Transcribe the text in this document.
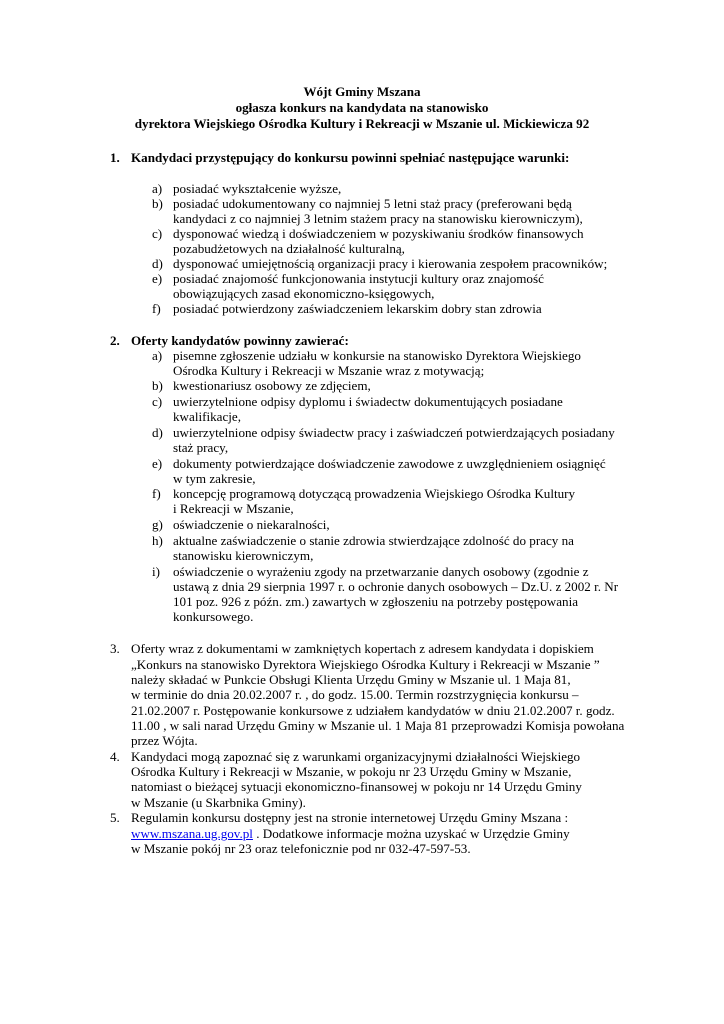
Wójt Gminy Mszana
ogłasza konkurs na kandydata na stanowisko
dyrektora Wiejskiego Ośrodka Kultury i Rekreacji w Mszanie ul. Mickiewicza 92
1. Kandydaci przystępujący do konkursu powinni spełniać następujące warunki:
a) posiadać wykształcenie wyższe,
b) posiadać udokumentowany co najmniej 5 letni staż pracy (preferowani będą
kandydaci z co najmniej 3 letnim stażem pracy na stanowisku kierowniczym),
c) dysponować wiedzą i doświadczeniem w pozyskiwaniu środków finansowych
pozabudżetowych na działalność kulturalną,
d) dysponować umiejętnością organizacji pracy i kierowania zespołem pracowników;
e) posiadać znajomość funkcjonowania instytucji kultury oraz znajomość
obowiązujących zasad ekonomiczno-księgowych,
f) posiadać potwierdzony zaświadczeniem lekarskim dobry stan zdrowia
2. Oferty kandydatów powinny zawierać:
a) pisemne zgłoszenie udziału w konkursie na stanowisko Dyrektora Wiejskiego
Ośrodka Kultury i Rekreacji w Mszanie wraz z motywacją;
b) kwestionariusz osobowy ze zdjęciem,
c) uwierzytelnione odpisy dyplomu i świadectw dokumentujących posiadane
kwalifikacje,
d) uwierzytelnione odpisy świadectw pracy i zaświadczeń potwierdzających posiadany
staż pracy,
e) dokumenty potwierdzające doświadczenie zawodowe z uwzględnieniem osiągnięć
w tym zakresie,
f) koncepcję programową dotyczącą prowadzenia Wiejskiego Ośrodka Kultury
i Rekreacji w Mszanie,
g) oświadczenie o niekaralności,
h) aktualne zaświadczenie o stanie zdrowia stwierdzające zdolność do pracy na
stanowisku kierowniczym,
i) oświadczenie o wyrażeniu zgody na przetwarzanie danych osobowy (zgodnie z
ustawą z dnia 29 sierpnia 1997 r. o ochronie danych osobowych – Dz.U. z 2002 r. Nr
101 poz. 926 z późn. zm.) zawartych w zgłoszeniu na potrzeby postępowania
konkursowego.
3. Oferty wraz z dokumentami w zamkniętych kopertach z adresem kandydata i dopiskiem
„Konkurs na stanowisko Dyrektora Wiejskiego Ośrodka Kultury i Rekreacji w Mszanie ”
należy składać w Punkcie Obsługi Klienta Urzędu Gminy w Mszanie ul. 1 Maja 81,
w terminie do dnia 20.02.2007 r. , do godz. 15.00. Termin rozstrzygnięcia konkursu –
21.02.2007 r. Postępowanie konkursowe z udziałem kandydatów w dniu 21.02.2007 r. godz.
11.00 , w sali narad Urzędu Gminy w Mszanie ul. 1 Maja 81 przeprowadzi Komisja powołana
przez Wójta.
4. Kandydaci mogą zapoznać się z warunkami organizacyjnymi działalności Wiejskiego
Ośrodka Kultury i Rekreacji w Mszanie, w pokoju nr 23 Urzędu Gminy w Mszanie,
natomiast o bieżącej sytuacji ekonomiczno-finansowej w pokoju nr 14 Urzędu Gminy
w Mszanie (u Skarbnika Gminy).
5. Regulamin konkursu dostępny jest na stronie internetowej Urzędu Gminy Mszana :
www.mszana.ug.gov.pl . Dodatkowe informacje można uzyskać w Urzędzie Gminy
w Mszanie pokój nr 23 oraz telefonicznie pod nr 032-47-597-53.
